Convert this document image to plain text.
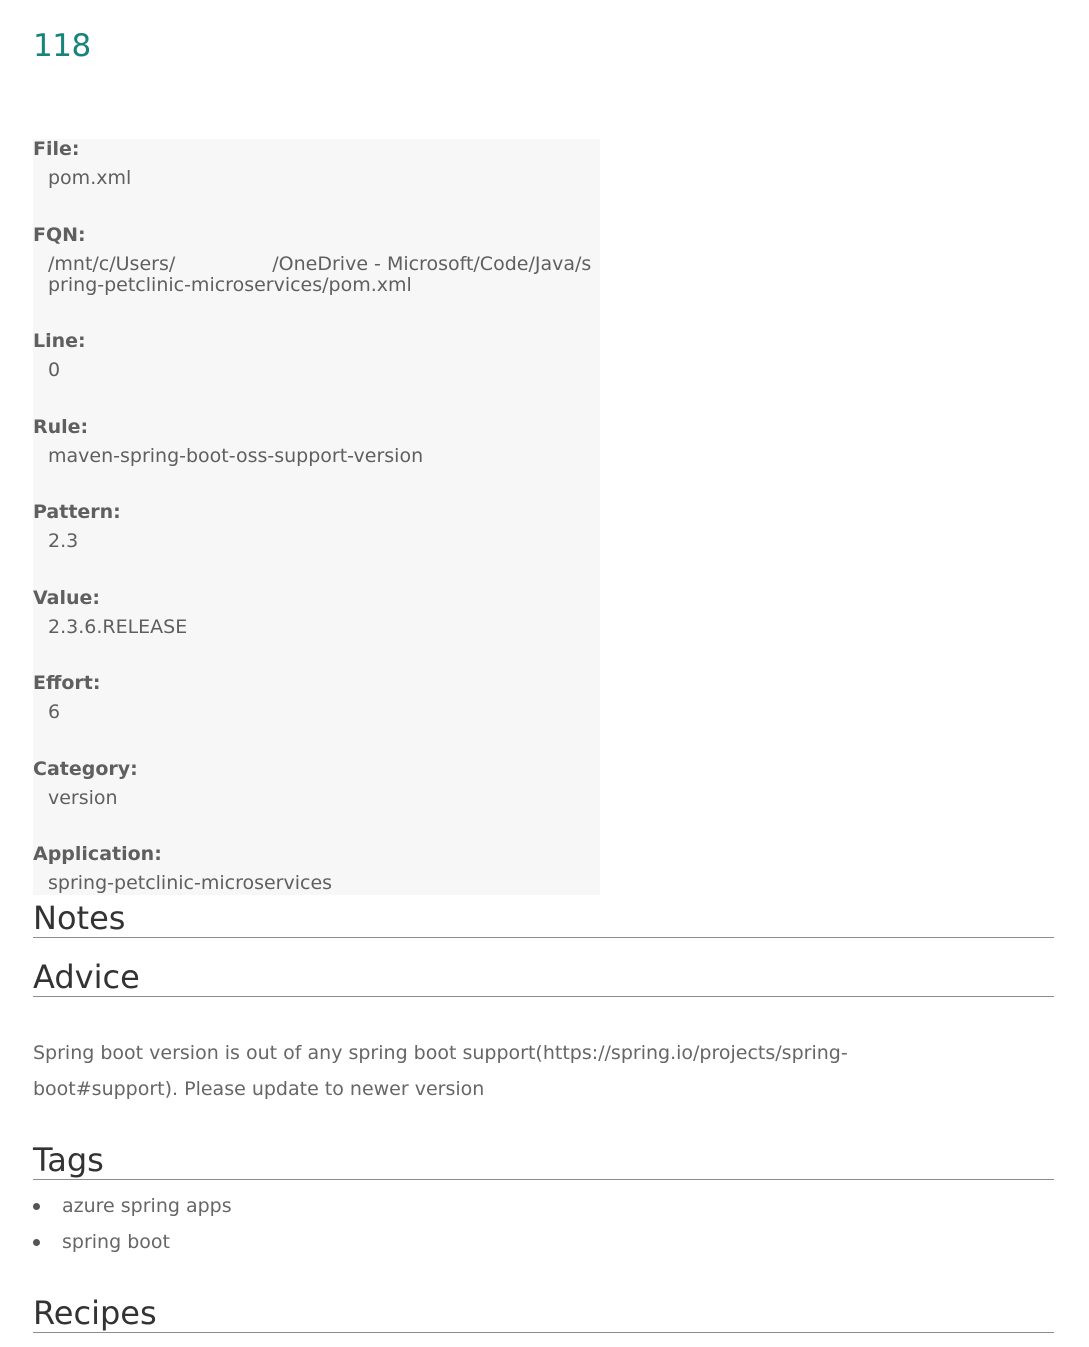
118
File:
pom.xml
FQN:
/mnt/c/Users/	/OneDrive - Microsoft/Code/Java/spring-petclinic-microservices/pom.xml
Line:
0
Rule:
maven-spring-boot-oss-support-version
Pattern:
2.3
Value:
2.3.6.RELEASE
Effort:
6
Category:
version
Application:
spring-petclinic-microservices
Notes
Advice

Spring boot version is out of any spring boot support(https://spring.io/projects/spring-boot#support). Please update to newer version

Tags
azure spring apps
spring boot
Recipes
